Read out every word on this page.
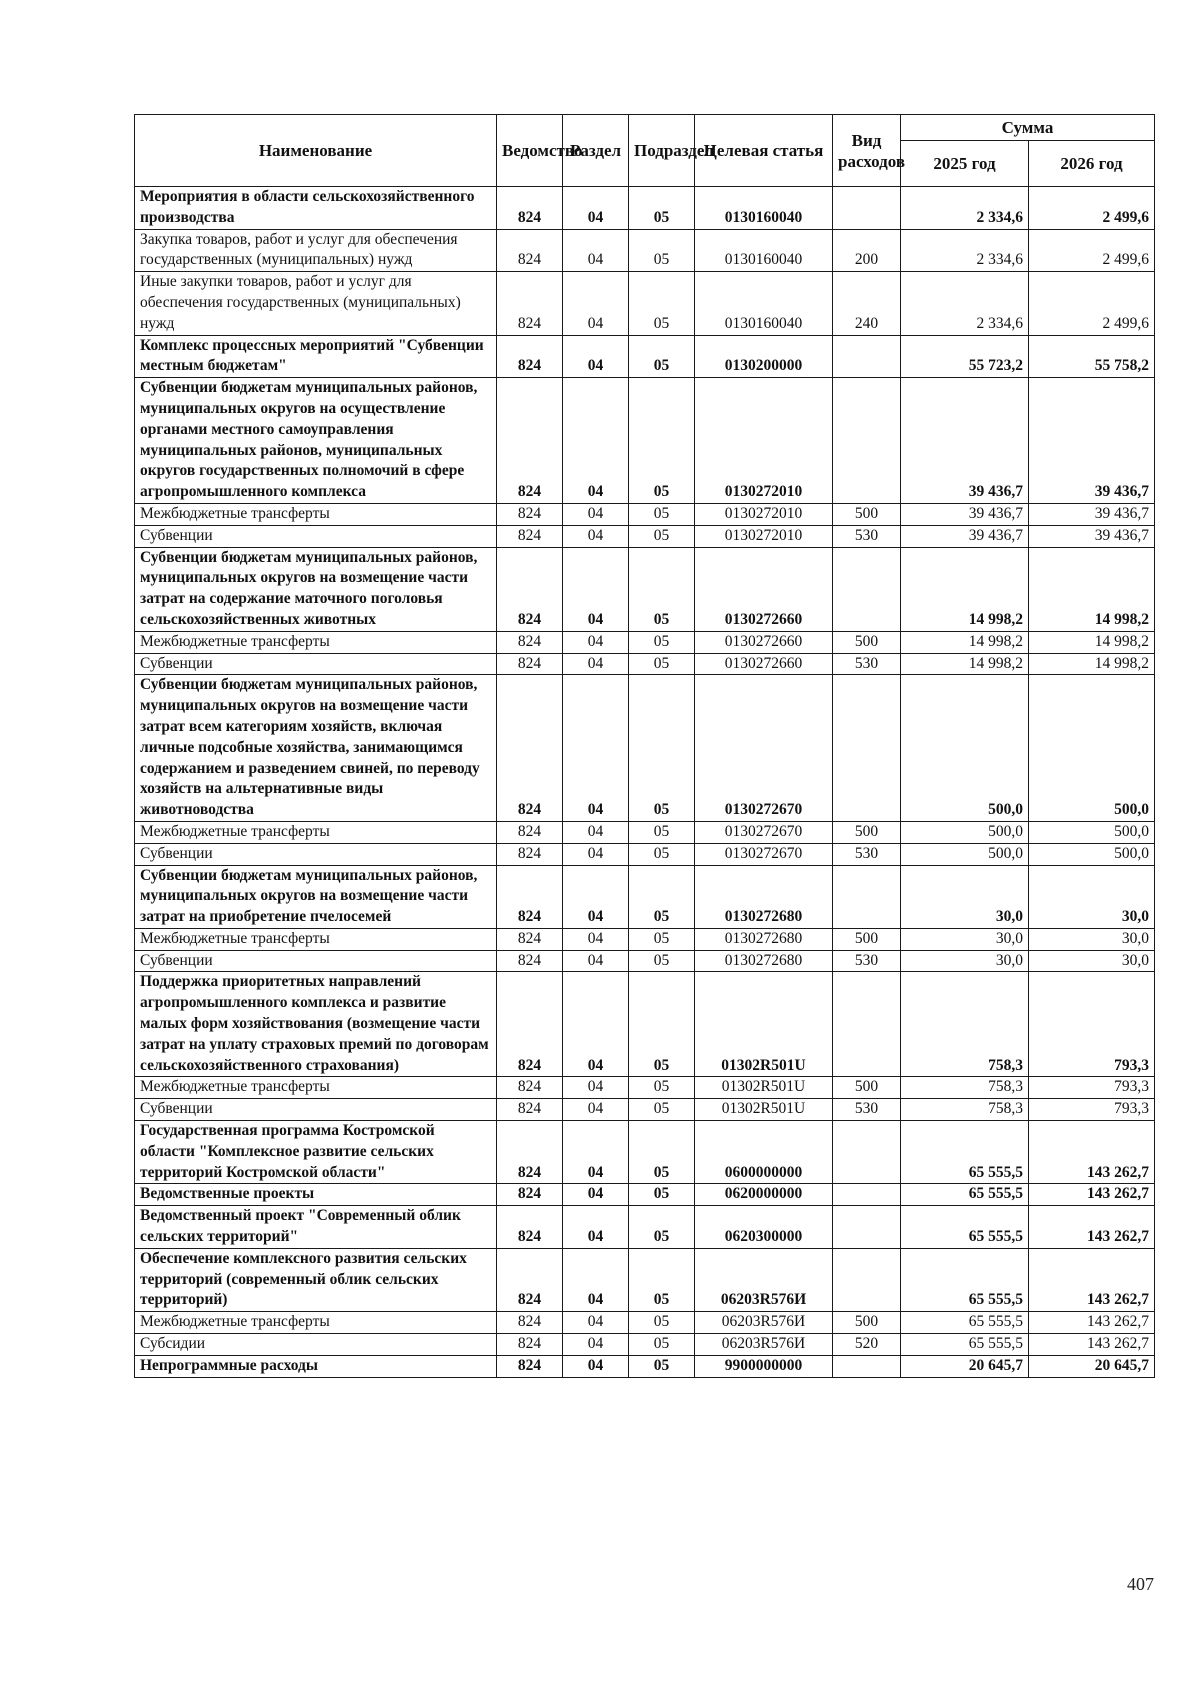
Наименование	Ведомство	Раздел	Подраздел	Целевая статья	Вид расходов	Сумма	
						2025 год	2026 год
Мероприятия в области сельскохозяйственного производства	824	04	05	0130160040		2 334,6	2 499,6
Закупка товаров, работ и услуг для обеспечения государственных (муниципальных) нужд	824	04	05	0130160040	200	2 334,6	2 499,6
Иные закупки товаров, работ и услуг для обеспечения государственных (муниципальных) нужд	824	04	05	0130160040	240	2 334,6	2 499,6
Комплекс процессных мероприятий "Субвенции местным бюджетам"	824	04	05	0130200000		55 723,2	55 758,2
Субвенции бюджетам муниципальных районов, муниципальных округов на осуществление органами местного самоуправления муниципальных районов, муниципальных округов государственных полномочий в сфере агропромышленного комплекса	824	04	05	0130272010		39 436,7	39 436,7
Межбюджетные трансферты	824	04	05	0130272010	500	39 436,7	39 436,7
Субвенции	824	04	05	0130272010	530	39 436,7	39 436,7
Субвенции бюджетам муниципальных районов, муниципальных округов на возмещение части затрат на содержание маточного поголовья сельскохозяйственных животных	824	04	05	0130272660		14 998,2	14 998,2
Межбюджетные трансферты	824	04	05	0130272660	500	14 998,2	14 998,2
Субвенции	824	04	05	0130272660	530	14 998,2	14 998,2
Субвенции бюджетам муниципальных районов, муниципальных округов на возмещение части затрат всем категориям хозяйств, включая личные подсобные хозяйства, занимающимся содержанием и разведением свиней, по переводу хозяйств на альтернативные виды животноводства	824	04	05	0130272670		500,0	500,0
Межбюджетные трансферты	824	04	05	0130272670	500	500,0	500,0
Субвенции	824	04	05	0130272670	530	500,0	500,0
Субвенции бюджетам муниципальных районов, муниципальных округов на возмещение части затрат на приобретение пчелосемей	824	04	05	0130272680		30,0	30,0
Межбюджетные трансферты	824	04	05	0130272680	500	30,0	30,0
Субвенции	824	04	05	0130272680	530	30,0	30,0
Поддержка приоритетных направлений агропромышленного комплекса и развитие малых форм хозяйствования (возмещение части затрат на уплату страховых премий по договорам сельскохозяйственного страхования)	824	04	05	01302R501U		758,3	793,3
Межбюджетные трансферты	824	04	05	01302R501U	500	758,3	793,3
Субвенции	824	04	05	01302R501U	530	758,3	793,3
Государственная программа Костромской области "Комплексное развитие сельских территорий Костромской области"	824	04	05	0600000000		65 555,5	143 262,7
Ведомственные проекты	824	04	05	0620000000		65 555,5	143 262,7
Ведомственный проект "Современный облик сельских территорий"	824	04	05	0620300000		65 555,5	143 262,7
Обеспечение комплексного развития сельских территорий (современный облик сельских территорий)	824	04	05	06203R576И		65 555,5	143 262,7
Межбюджетные трансферты	824	04	05	06203R576И	500	65 555,5	143 262,7
Субсидии	824	04	05	06203R576И	520	65 555,5	143 262,7
Непрограммные расходы	824	04	05	9900000000		20 645,7	20 645,7
407
